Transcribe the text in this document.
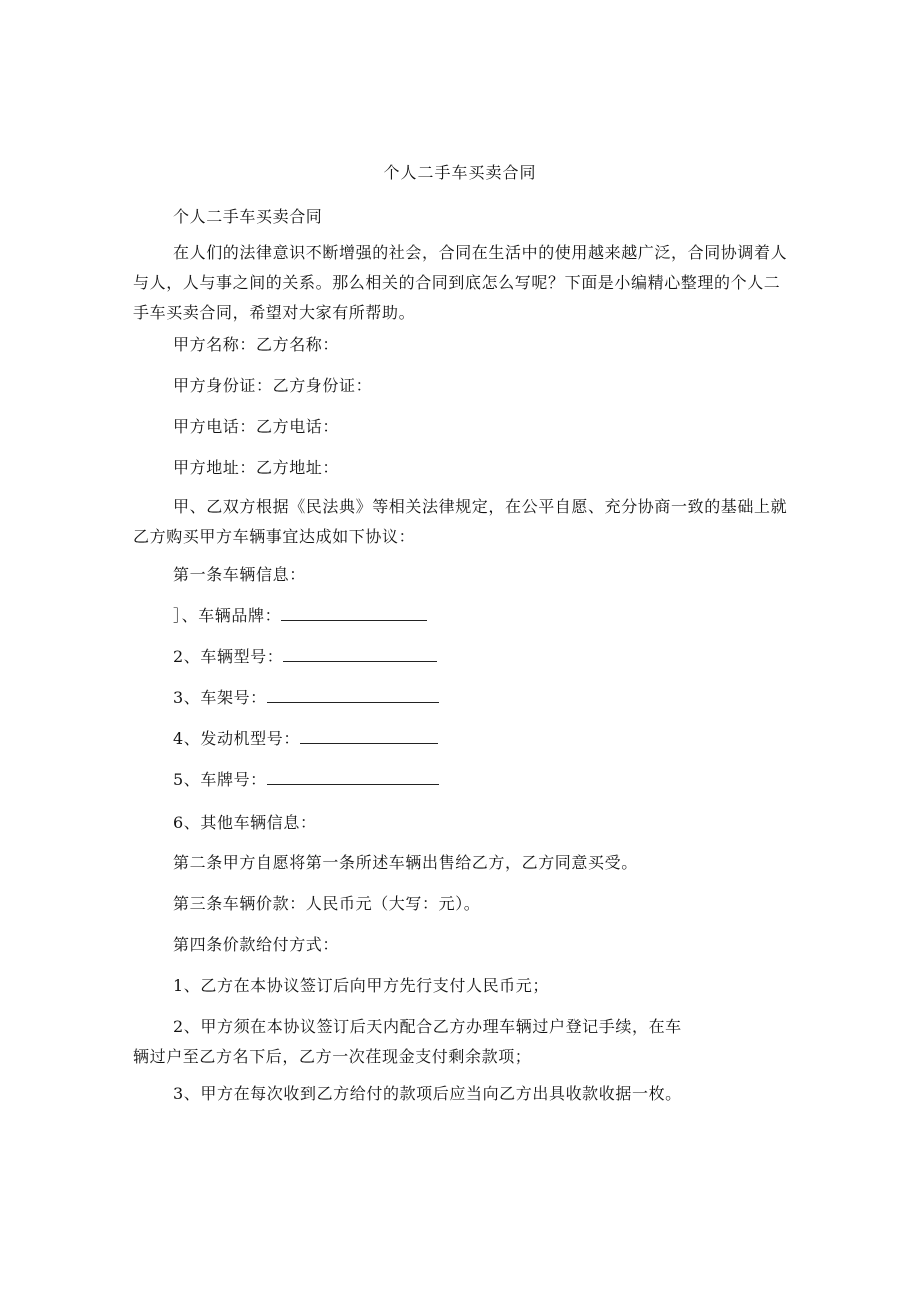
个人二手车买卖合同
个人二手车买卖合同

在人们的法律意识不断增强的社会，合同在生活中的使用越来越广泛，合同协调着人与人，人与事之间的关系。那么相关的合同到底怎么写呢？下面是小编精心整理的个人二手车买卖合同，希望对大家有所帮助。

甲方名称：乙方名称：
甲方身份证：乙方身份证：
甲方电话：乙方电话：
甲方地址：乙方地址：

甲、乙双方根据《民法典》等相关法律规定，在公平自愿、充分协商一致的基础上就乙方购买甲方车辆事宜达成如下协议：

第一条车辆信息：
］、车辆品牌：
2、车辆型号：
3、车架号：
4、发动机型号：
5、车牌号：
6、其他车辆信息：
第二条甲方自愿将第一条所述车辆出售给乙方，乙方同意买受。
第三条车辆价款：人民币元（大写：元）。
第四条价款给付方式：
1、乙方在本协议签订后向甲方先行支付人民币元；

2、甲方须在本协议签订后天内配合乙方办理车辆过户登记手续，在车辆过户至乙方名下后，乙方一次荏现金支付剩余款项；

3、甲方在每次收到乙方给付的款项后应当向乙方出具收款收据一枚。
